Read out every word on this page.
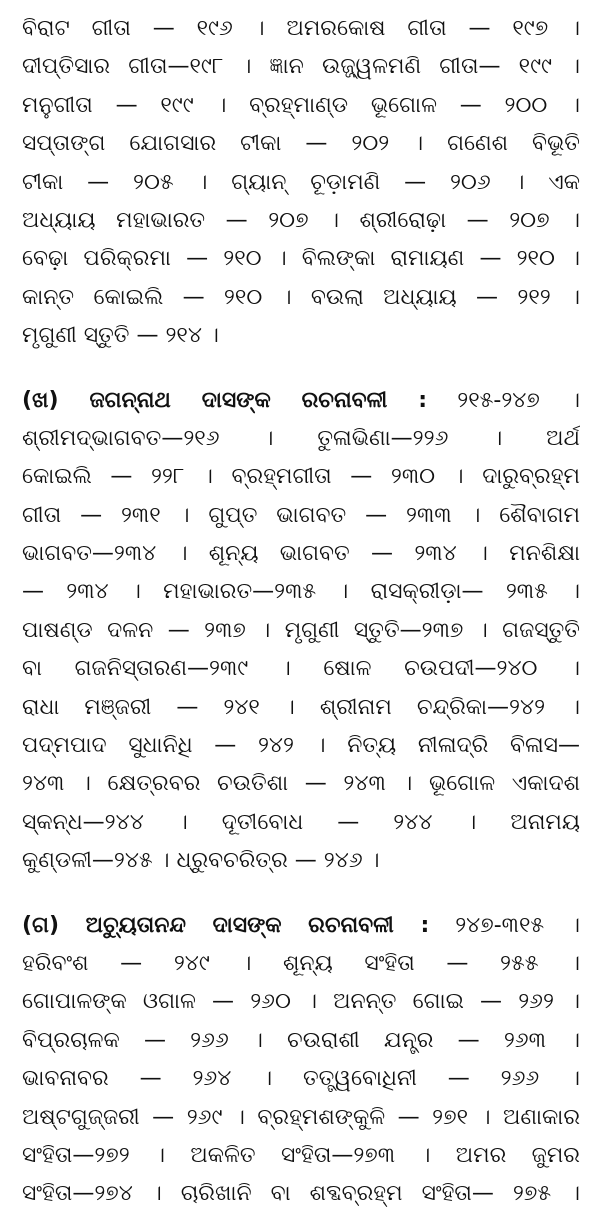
ବିରାଟ ଗୀତା — ୧୯୬ । ଅମରକୋଷ ଗୀତା — ୧୯୭ ।
ଦୀପ୍ତିସାର ଗୀତା—୧୯୮ । ଜ୍ଞାନ ଉଜ୍ଜ୍ୱଳମଣି ଗୀତା— ୧୯୯ ।
ମନୁଗୀତା — ୧୯୯ । ବ୍ରହ୍ମାଣ୍ଡ ଭୂଗୋଳ — ୨୦୦ ।
ସପ୍ତାଙ୍ଗ ଯୋଗସାର ଟୀକା — ୨୦୨ । ଗଣେଶ ବିଭୂତି
ଟୀକା — ୨୦୫ । ଗ୍ୟାନ୍ ଚୂଡ଼ାମଣି — ୨୦୬ । ଏକ
ଅଧ୍ୟାୟ ମହାଭାରତ — ୨୦୭ । ଶ୍ରୀରୋଢ଼ା — ୨୦୭ ।
ବେଢ଼ା ପରିକ୍ରମା — ୨୧୦ । ବିଲଙ୍କା ରାମାୟଣ — ୨୧୦ ।
କାନ୍ତ କୋଇଲି — ୨୧୦ । ବଉଲା ଅଧ୍ୟାୟ — ୨୧୨ ।
ମୃଗୁଣୀ ସ୍ତୁତି — ୨୧୪ ।
(ଖ) ଜଗନ୍ନାଥ ଦାସଙ୍କ ରଚନାବଳୀ : ୨୧୫-୨୪୭ ।
ଶ୍ରୀମଦ୍‌ଭାଗବତ—୨୧୬ । ତୁଳାଭିଣା—୨୨୬ । ଅର୍ଥ
କୋଇଲି — ୨୨୮ । ବ୍ରହ୍ମଗୀତା — ୨୩୦ । ଦାରୁବ୍ରହ୍ମ
ଗୀତା — ୨୩୧ । ଗୁପ୍ତ ଭାଗବତ — ୨୩୩ । ଶୈବାଗମ
ଭାଗବତ—୨୩୪ । ଶୂନ୍ୟ ଭାଗବତ — ୨୩୪ । ମନଶିକ୍ଷା
— ୨୩୪ । ମହାଭାରତ—୨୩୫ । ରାସକ୍ରୀଡ଼ା— ୨୩୫ ।
ପାଷଣ୍ଡ ଦଳନ — ୨୩୭ । ମୃଗୁଣୀ ସ୍ତୁତି—୨୩୭ । ଗଜସ୍ତୁତି
ବା ଗଜନିସ୍ତାରଣ—୨୩୯ । ଷୋଳ ଚଉପଦୀ—୨୪୦ ।
ରାଧା ମଞ୍ଜରୀ — ୨୪୧ । ଶ୍ରୀନାମ ଚନ୍ଦ୍ରିକା—୨୪୨ ।
ପଦ୍ମପାଦ ସୁଧାନିଧି — ୨୪୨ । ନିତ୍ୟ ନୀଳାଦ୍ରି ବିଳାସ—
୨୪୩ । କ୍ଷେତ୍ରବର ଚଉତିଶା — ୨୪୩ । ଭୂଗୋଳ ଏକାଦଶ
ସ୍କନ୍ଧ—୨୪୪ । ଦୂତୀବୋଧ — ୨୪୪ । ଅନାମୟ
କୁଣ୍ଡଳୀ—୨୪୫ । ଧ୍ରୁବଚରିତ୍ର — ୨୪୬ ।
(ଗ) ଅଚ୍ୟୁତାନନ୍ଦ ଦାସଙ୍କ ରଚନାବଳୀ : ୨୪୭-୩୧୫ ।
ହରିବଂଶ — ୨୪୯ । ଶୂନ୍ୟ ସଂହିତା — ୨୫୫ ।
ଗୋପାଳଙ୍କ ଓଗାଳ — ୨୬୦ । ଅନନ୍ତ ଗୋଇ — ୨୬୨ ।
ବିପ୍ରଚାଳକ — ୨୬୬ । ଚଉରାଶୀ ଯନ୍ତ୍ର — ୨୬୩ ।
ଭାବନାବର — ୨୬୪ । ତତ୍ତ୍ୱବୋଧିନୀ — ୨୬୬ ।
ଅଷ୍ଟଗୁଜ୍ଜରୀ — ୨୬୯ । ବ୍ରହ୍ମଶଙ୍କୁଳି — ୨୭୧ । ଅଣାକାର
ସଂହିତା—୨୭୨ । ଅକଳିତ ସଂହିତା—୨୭୩ । ଅମର ଜୁମର
ସଂହିତା—୨୭୪ । ଚାରିଖାନି ବା ଶବ୍ଦବ୍ରହ୍ମ ସଂହିତା— ୨୭୫ ।
